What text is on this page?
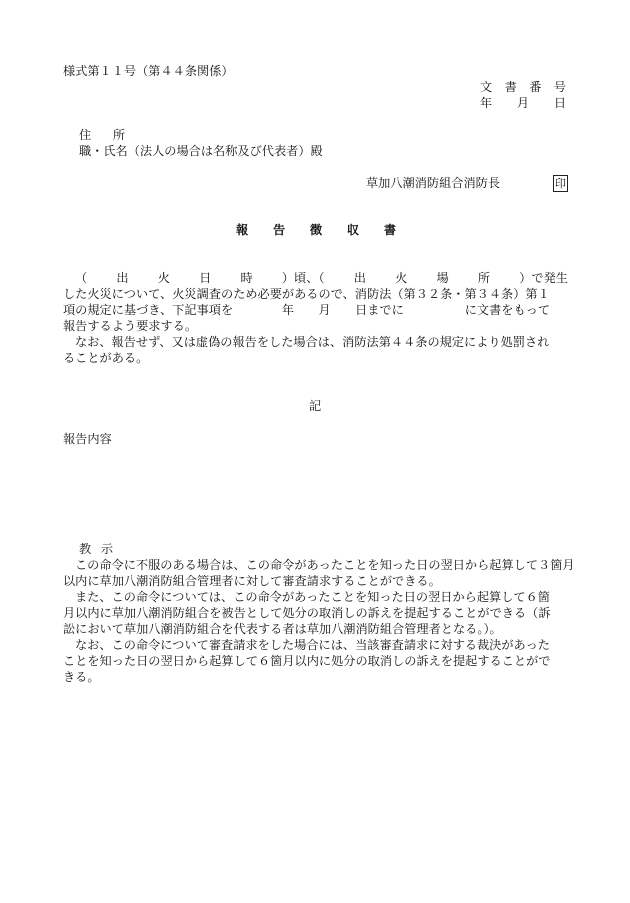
様式第１１号（第４４条関係）
文 書 番 号
年 月 日
住 所
職・氏名（法人の場合は名称及び代表者）殿
草加八潮消防組合消防長	印
報 告 徴 収 書
（ 出 火 日 時 ）頃、（ 出 火 場 所 ）で発生
した火災について、火災調査のため必要があるので、消防法（第３２条・第３４条）第１
項の規定に基づき、下記事項を　　　　年　　月　　日までに　　　　　に文書をもって
報告するよう要求する。
なお、報告せず、又は虚偽の報告をした場合は、消防法第４４条の規定により処罰され
ることがある。
記
報告内容
教 示
この命令に不服のある場合は、この命令があったことを知った日の翌日から起算して３箇月
以内に草加八潮消防組合管理者に対して審査請求することができる。
また、この命令については、この命令があったことを知った日の翌日から起算して６箇
月以内に草加八潮消防組合を被告として処分の取消しの訴えを提起することができる（訴
訟において草加八潮消防組合を代表する者は草加八潮消防組合管理者となる。）。
なお、この命令について審査請求をした場合には、当該審査請求に対する裁決があった
ことを知った日の翌日から起算して６箇月以内に処分の取消しの訴えを提起することがで
きる。
